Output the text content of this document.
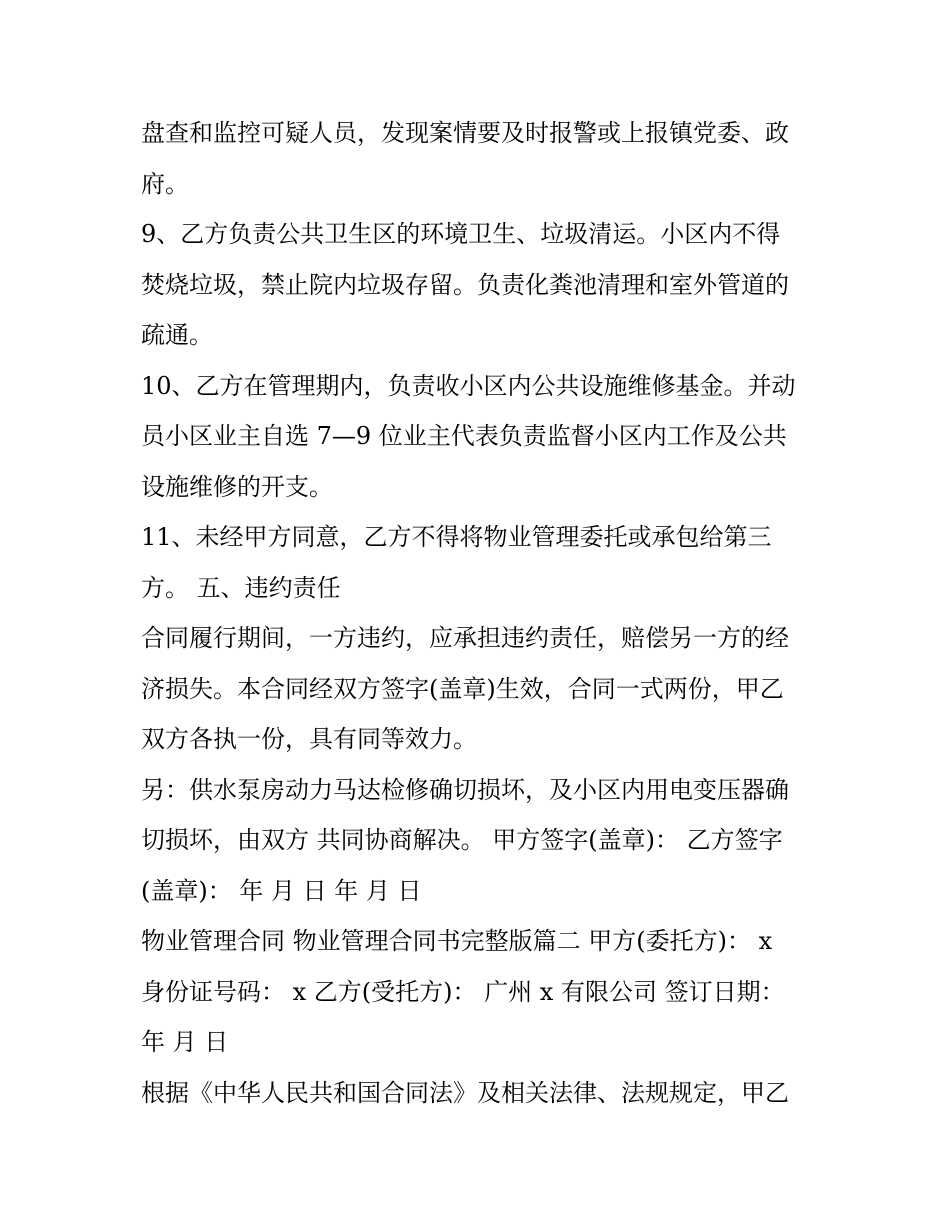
盘查和监控可疑人员，发现案情要及时报警或上报镇党委、政
府。
9、乙方负责公共卫生区的环境卫生、垃圾清运。小区内不得
焚烧垃圾，禁止院内垃圾存留。负责化粪池清理和室外管道的
疏通。
10、乙方在管理期内，负责收小区内公共设施维修基金。并动
员小区业主自选 7—9 位业主代表负责监督小区内工作及公共
设施维修的开支。
11、未经甲方同意，乙方不得将物业管理委托或承包给第三
方。 五、违约责任
合同履行期间，一方违约，应承担违约责任，赔偿另一方的经
济损失。本合同经双方签字(盖章)生效，合同一式两份，甲乙
双方各执一份，具有同等效力。
另：供水泵房动力马达检修确切损坏，及小区内用电变压器确
切损坏，由双方 共同协商解决。 甲方签字(盖章)： 乙方签字
(盖章)： 年 月 日 年 月 日
物业管理合同 物业管理合同书完整版篇二 甲方(委托方)： x
身份证号码： x 乙方(受托方)： 广州 x 有限公司 签订日期：
年 月 日
根据《中华人民共和国合同法》及相关法律、法规规定，甲乙
